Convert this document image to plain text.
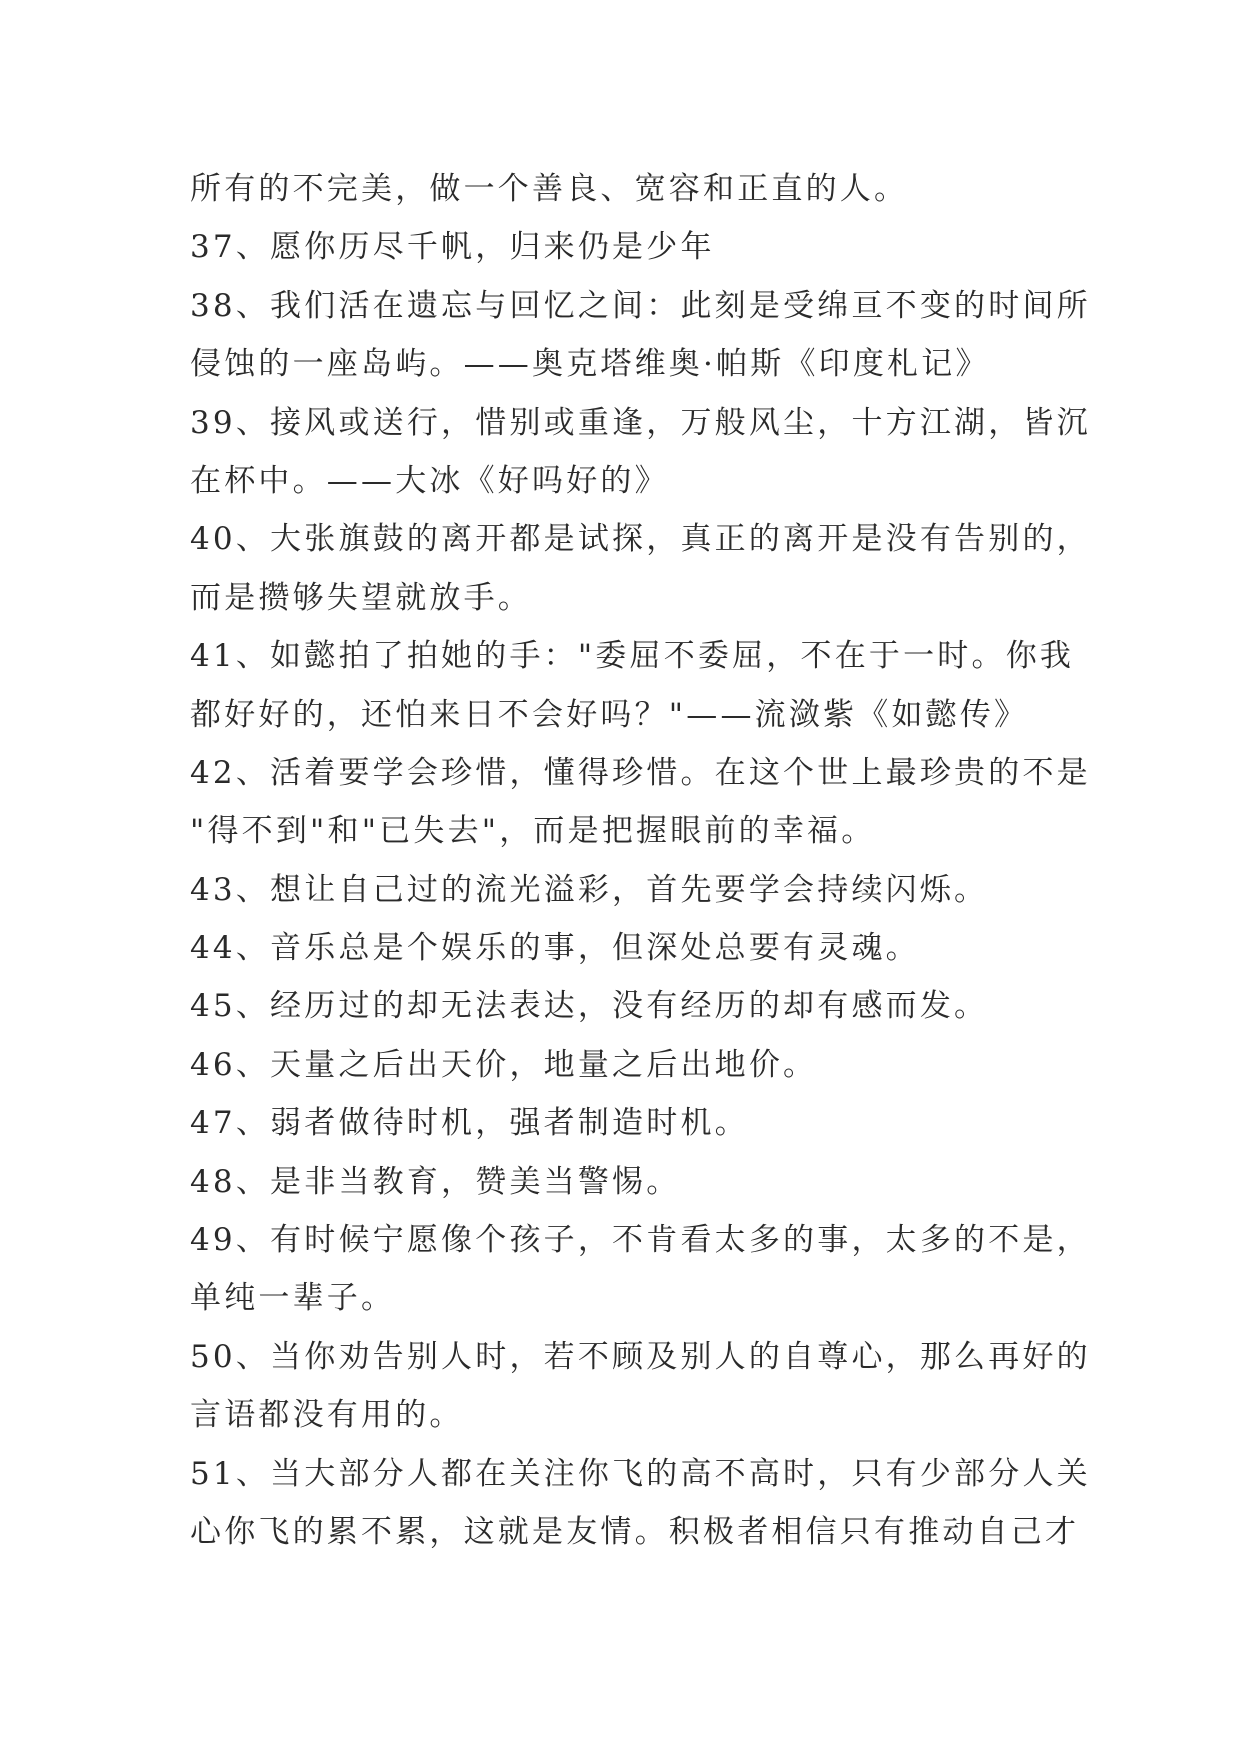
所有的不完美，做一个善良、宽容和正直的人。
37、愿你历尽千帆，归来仍是少年
38、我们活在遗忘与回忆之间：此刻是受绵亘不变的时间所
侵蚀的一座岛屿。——奥克塔维奥·帕斯《印度札记》
39、接风或送行，惜别或重逢，万般风尘，十方江湖，皆沉
在杯中。——大冰《好吗好的》
40、大张旗鼓的离开都是试探，真正的离开是没有告别的，
而是攒够失望就放手。
41、如懿拍了拍她的手："委屈不委屈，不在于一时。你我
都好好的，还怕来日不会好吗？"——流潋紫《如懿传》
42、活着要学会珍惜，懂得珍惜。在这个世上最珍贵的不是
"得不到"和"已失去"，而是把握眼前的幸福。
43、想让自己过的流光溢彩，首先要学会持续闪烁。
44、音乐总是个娱乐的事，但深处总要有灵魂。
45、经历过的却无法表达，没有经历的却有感而发。
46、天量之后出天价，地量之后出地价。
47、弱者做待时机，强者制造时机。
48、是非当教育，赞美当警惕。
49、有时候宁愿像个孩子，不肯看太多的事，太多的不是，
单纯一辈子。
50、当你劝告别人时，若不顾及别人的自尊心，那么再好的
言语都没有用的。
51、当大部分人都在关注你飞的高不高时，只有少部分人关
心你飞的累不累，这就是友情。积极者相信只有推动自己才
